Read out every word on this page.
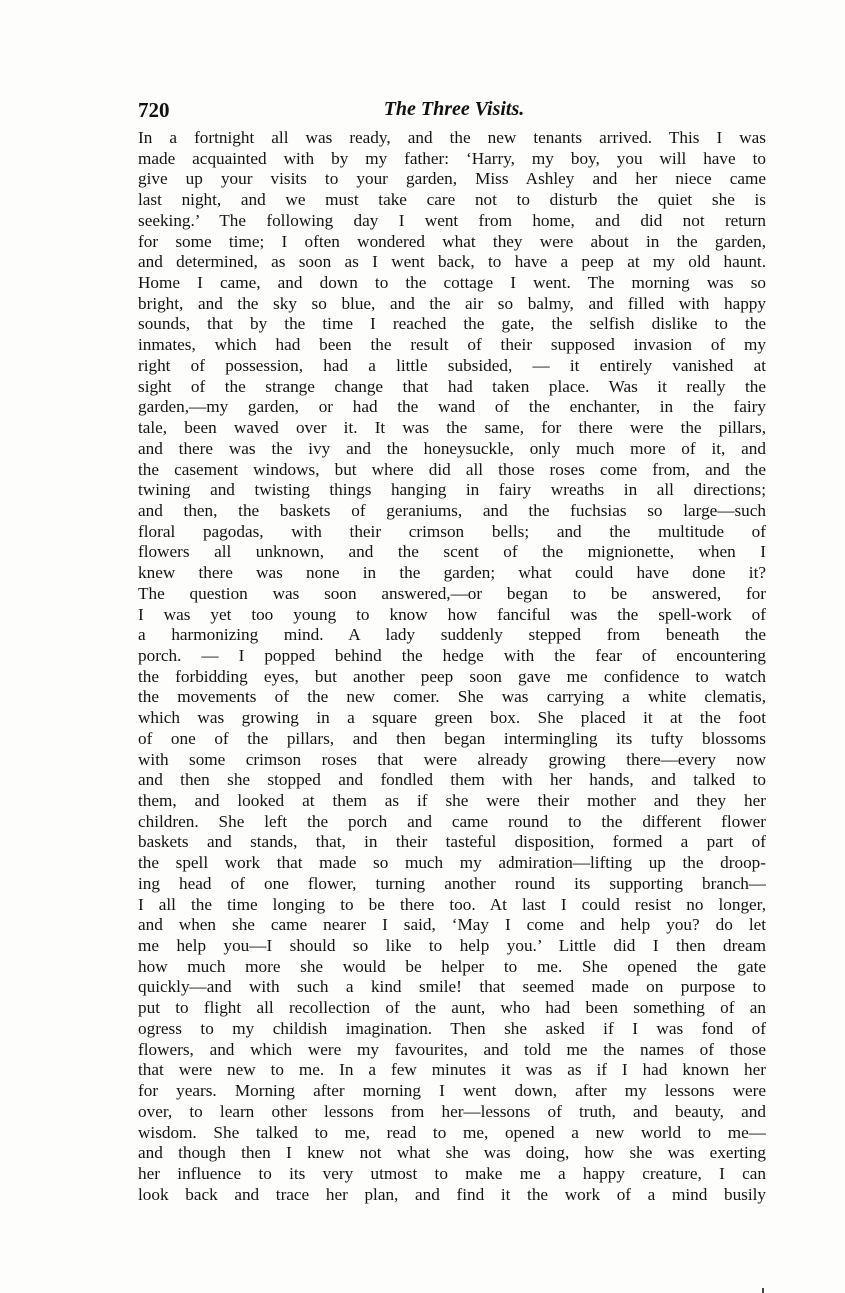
720	The Three Visits.
In a fortnight all was ready, and the new tenants arrived. This I was
made acquainted with by my father: ‘Harry, my boy, you will have to
give up your visits to your garden, Miss Ashley and her niece came
last night, and we must take care not to disturb the quiet she is
seeking.’ The following day I went from home, and did not return
for some time; I often wondered what they were about in the garden,
and determined, as soon as I went back, to have a peep at my old haunt.
Home I came, and down to the cottage I went. The morning was so
bright, and the sky so blue, and the air so balmy, and filled with happy
sounds, that by the time I reached the gate, the selfish dislike to the
inmates, which had been the result of their supposed invasion of my
right of possession, had a little subsided, — it entirely vanished at
sight of the strange change that had taken place. Was it really the
garden,—my garden, or had the wand of the enchanter, in the fairy
tale, been waved over it. It was the same, for there were the pillars,
and there was the ivy and the honeysuckle, only much more of it, and
the casement windows, but where did all those roses come from, and the
twining and twisting things hanging in fairy wreaths in all directions;
and then, the baskets of geraniums, and the fuchsias so large—such
floral pagodas, with their crimson bells; and the multitude of
flowers all unknown, and the scent of the mignionette, when I
knew there was none in the garden; what could have done it?
The question was soon answered,—or began to be answered, for
I was yet too young to know how fanciful was the spell-work of
a harmonizing mind. A lady suddenly stepped from beneath the
porch. — I popped behind the hedge with the fear of encountering
the forbidding eyes, but another peep soon gave me confidence to watch
the movements of the new comer. She was carrying a white clematis,
which was growing in a square green box. She placed it at the foot
of one of the pillars, and then began intermingling its tufty blossoms
with some crimson roses that were already growing there—every now
and then she stopped and fondled them with her hands, and talked to
them, and looked at them as if she were their mother and they her
children. She left the porch and came round to the different flower
baskets and stands, that, in their tasteful disposition, formed a part of
the spell work that made so much my admiration—lifting up the droop-
ing head of one flower, turning another round its supporting branch—
I all the time longing to be there too. At last I could resist no longer,
and when she came nearer I said, ‘May I come and help you? do let
me help you—I should so like to help you.’ Little did I then dream
how much more she would be helper to me. She opened the gate
quickly—and with such a kind smile! that seemed made on purpose to
put to flight all recollection of the aunt, who had been something of an
ogress to my childish imagination. Then she asked if I was fond of
flowers, and which were my favourites, and told me the names of those
that were new to me. In a few minutes it was as if I had known her
for years. Morning after morning I went down, after my lessons were
over, to learn other lessons from her—lessons of truth, and beauty, and
wisdom. She talked to me, read to me, opened a new world to me—
and though then I knew not what she was doing, how she was exerting
her influence to its very utmost to make me a happy creature, I can
look back and trace her plan, and find it the work of a mind busily
